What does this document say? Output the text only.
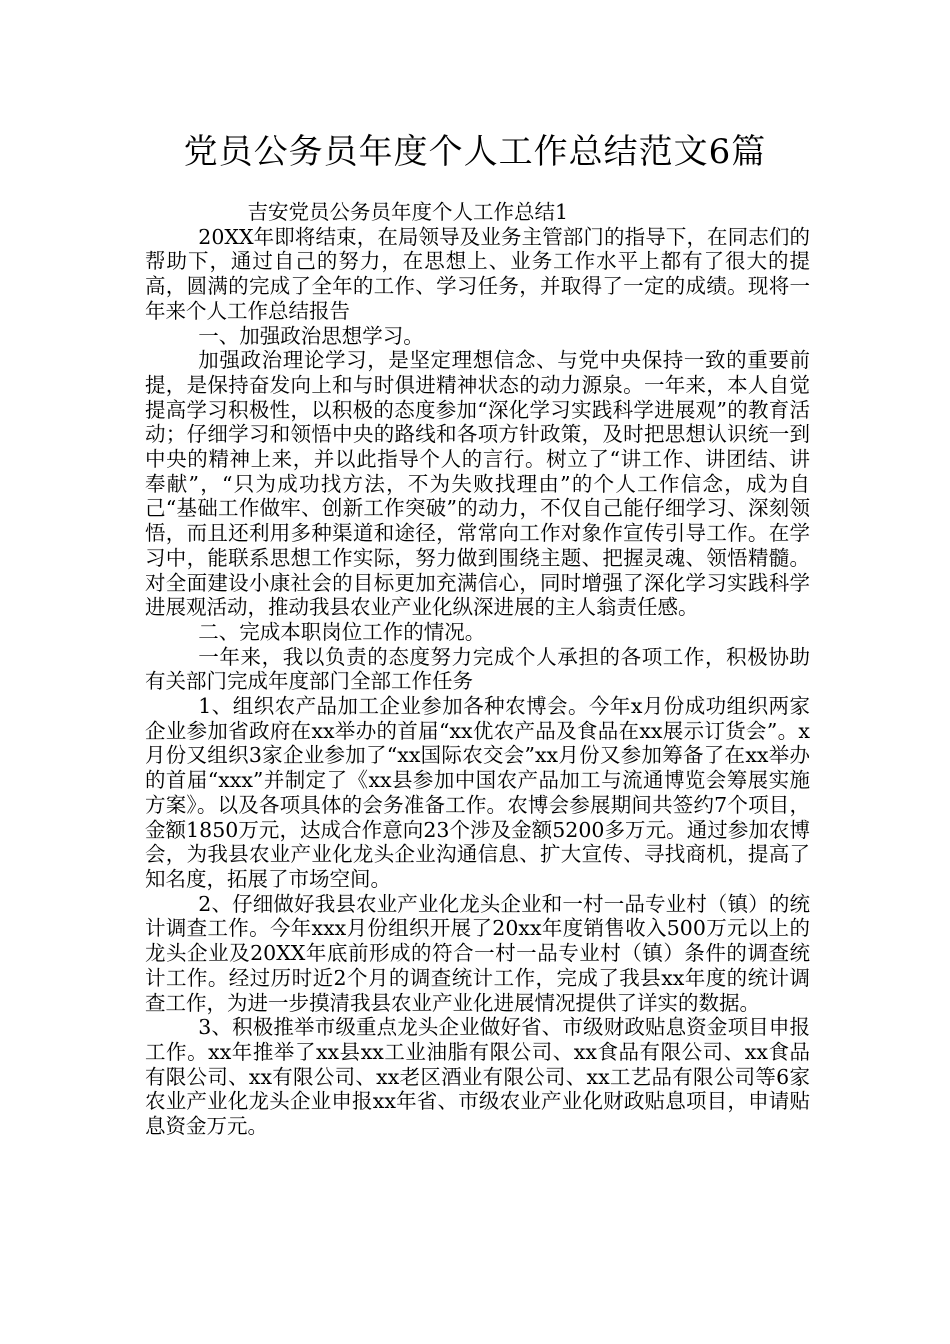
党员公务员年度个人工作总结范文6篇

吉安党员公务员年度个人工作总结1

20XX年即将结束，在局领导及业务主管部门的指导下，在同志们的帮助下，通过自己的努力，在思想上、业务工作水平上都有了很大的提高，圆满的完成了全年的工作、学习任务，并取得了一定的成绩。现将一年来个人工作总结报告

一、加强政治思想学习。

加强政治理论学习，是坚定理想信念、与党中央保持一致的重要前提，是保持奋发向上和与时俱进精神状态的动力源泉。一年来，本人自觉提高学习积极性，以积极的态度参加“深化学习实践科学进展观”的教育活动；仔细学习和领悟中央的路线和各项方针政策，及时把思想认识统一到中央的精神上来，并以此指导个人的言行。树立了“讲工作、讲团结、讲奉献”，“只为成功找方法，不为失败找理由”的个人工作信念，成为自己“基础工作做牢、创新工作突破”的动力，不仅自己能仔细学习、深刻领悟，而且还利用多种渠道和途径，常常向工作对象作宣传引导工作。在学习中，能联系思想工作实际，努力做到围绕主题、把握灵魂、领悟精髓。对全面建设小康社会的目标更加充满信心，同时增强了深化学习实践科学进展观活动，推动我县农业产业化纵深进展的主人翁责任感。

二、完成本职岗位工作的情况。

一年来，我以负责的态度努力完成个人承担的各项工作，积极协助有关部门完成年度部门全部工作任务

1、组织农产品加工企业参加各种农博会。今年x月份成功组织两家企业参加省政府在xx举办的首届“xx优农产品及食品在xx展示订货会”。x月份又组织3家企业参加了“xx国际农交会”xx月份又参加筹备了在xx举办的首届“xxx”并制定了《xx县参加中国农产品加工与流通博览会筹展实施方案》。以及各项具体的会务准备工作。农博会参展期间共签约7个项目，金额1850万元，达成合作意向23个涉及金额5200多万元。通过参加农博会，为我县农业产业化龙头企业沟通信息、扩大宣传、寻找商机，提高了知名度，拓展了市场空间。

2、仔细做好我县农业产业化龙头企业和一村一品专业村（镇）的统计调查工作。今年xxx月份组织开展了20xx年度销售收入500万元以上的龙头企业及20XX年底前形成的符合一村一品专业村（镇）条件的调查统计工作。经过历时近2个月的调查统计工作，完成了我县xx年度的统计调查工作，为进一步摸清我县农业产业化进展情况提供了详实的数据。

3、积极推举市级重点龙头企业做好省、市级财政贴息资金项目申报工作。xx年推举了xx县xx工业油脂有限公司、xx食品有限公司、xx食品有限公司、xx有限公司、xx老区酒业有限公司、xx工艺品有限公司等6家农业产业化龙头企业申报xx年省、市级农业产业化财政贴息项目，申请贴息资金万元。
